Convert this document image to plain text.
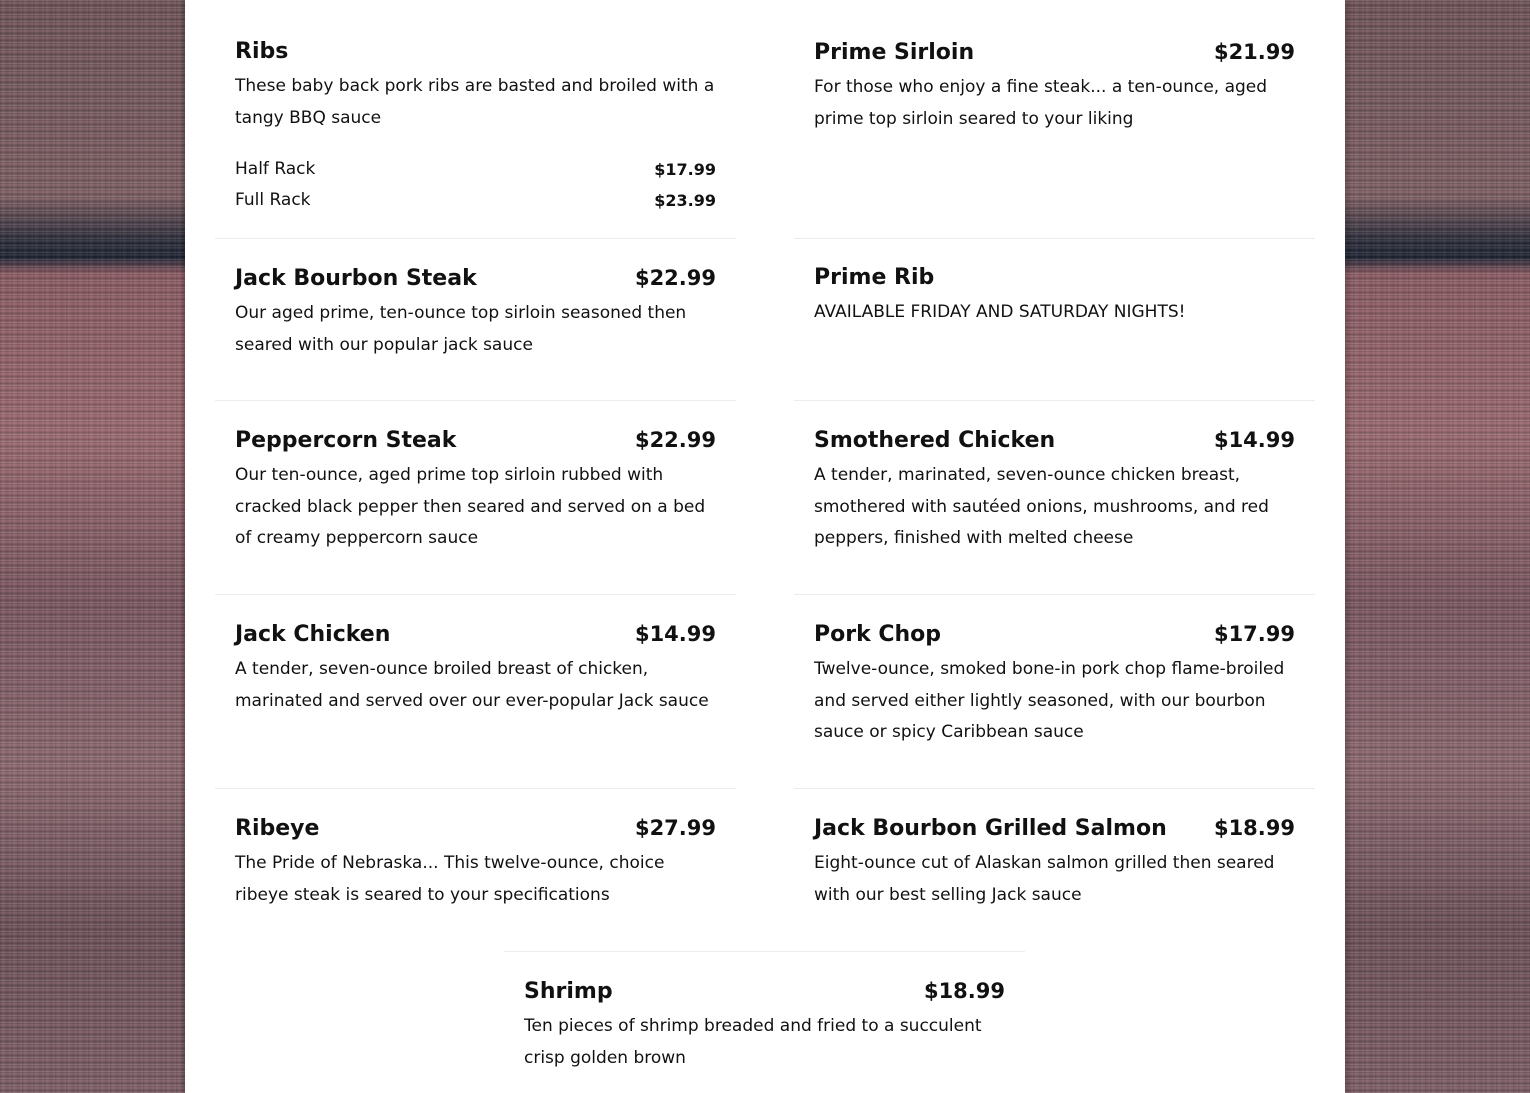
Ribs
These baby back pork ribs are basted and broiled with a tangy BBQ sauce
Half Rack	$17.99
Full Rack	$23.99
Prime Sirloin	$21.99
For those who enjoy a fine steak... a ten-ounce, aged prime top sirloin seared to your liking
Jack Bourbon Steak	$22.99
Our aged prime, ten-ounce top sirloin seasoned then seared with our popular jack sauce
Prime Rib
AVAILABLE FRIDAY AND SATURDAY NIGHTS!
Peppercorn Steak	$22.99
Our ten-ounce, aged prime top sirloin rubbed with cracked black pepper then seared and served on a bed of creamy peppercorn sauce
Smothered Chicken	$14.99
A tender, marinated, seven-ounce chicken breast, smothered with sautéed onions, mushrooms, and red peppers, finished with melted cheese
Jack Chicken	$14.99
A tender, seven-ounce broiled breast of chicken, marinated and served over our ever-popular Jack sauce
Pork Chop	$17.99
Twelve-ounce, smoked bone-in pork chop flame-broiled and served either lightly seasoned, with our bourbon sauce or spicy Caribbean sauce
Ribeye	$27.99
The Pride of Nebraska... This twelve-ounce, choice ribeye steak is seared to your specifications
Jack Bourbon Grilled Salmon $18.99
Eight-ounce cut of Alaskan salmon grilled then seared with our best selling Jack sauce
Shrimp	$18.99
Ten pieces of shrimp breaded and fried to a succulent crisp golden brown
